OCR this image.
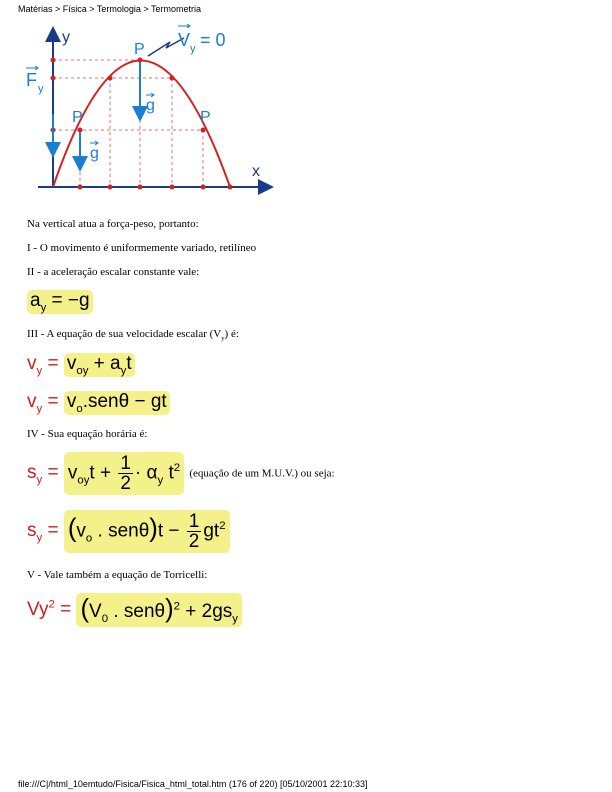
Matérias > Física > Termologia > Termometria
y
x
P
P	P
g
g
F y
V y = 0
Na vertical atua a força-peso, portanto:
I - O movimento é uniformemente variado, retilíneo
II - a aceleração escalar constante vale:
$a_y = -g$
III - A equação de sua velocidade escalar $(V_y)$ é:
$v_y = v_{oy} + a_yt$
$v_y = v_o.sen\theta$ − gt
IV - Sua equação horária é:
$s_y = v_{oy}t + \frac{1}{2} \cdot \alpha_y$ $t^2$ (equação de um M.U.V.) ou seja:
$s_y = (v_o$ . $sen\theta)t - \frac{1}{2} gt^2$
V - Vale também a equação de Torricelli:
$Vy^2 = (V_0$ . $sen\theta)^2 + 2gs_y$
file:///C|/html_10emtudo/Fisica/Fisica_html_total.htm (176 of 220) [05/10/2001 22:10:33]
